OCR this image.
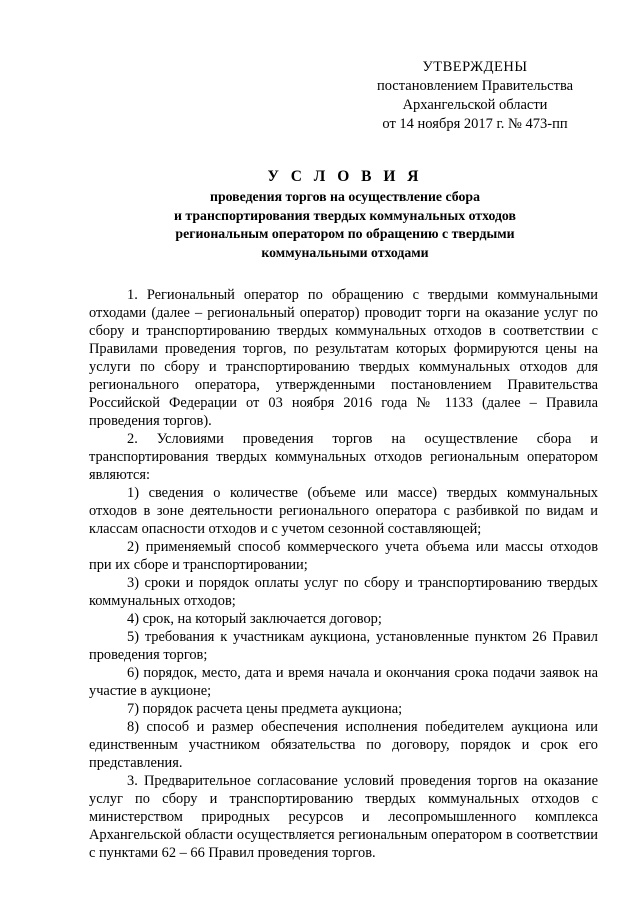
УТВЕРЖДЕНЫ
постановлением Правительства
Архангельской области
от 14 ноября 2017 г. № 473-пп
У С Л О В И Я
проведения торгов на осуществление сбора
и транспортирования твердых коммунальных отходов
региональным оператором по обращению с твердыми
коммунальными отходами

1. Региональный оператор по обращению с твердыми коммунальными отходами (далее – региональный оператор) проводит торги на оказание услуг по сбору и транспортированию твердых коммунальных отходов в соответствии с Правилами проведения торгов, по результатам которых формируются цены на услуги по сбору и транспортированию твердых коммунальных отходов для регионального оператора, утвержденными постановлением Правительства Российской Федерации от 03 ноября 2016 года № 1133 (далее – Правила проведения торгов).

2. Условиями проведения торгов на осуществление сбора и транспортирования твердых коммунальных отходов региональным оператором являются:

1) сведения о количестве (объеме или массе) твердых коммунальных отходов в зоне деятельности регионального оператора с разбивкой по видам и классам опасности отходов и с учетом сезонной составляющей;

2) применяемый способ коммерческого учета объема или массы отходов при их сборе и транспортировании;

3) сроки и порядок оплаты услуг по сбору и транспортированию твердых коммунальных отходов;

4) срок, на который заключается договор;

5) требования к участникам аукциона, установленные пунктом 26 Правил проведения торгов;

6) порядок, место, дата и время начала и окончания срока подачи заявок на участие в аукционе;

7) порядок расчета цены предмета аукциона;

8) способ и размер обеспечения исполнения победителем аукциона или единственным участником обязательства по договору, порядок и срок его представления.

3. Предварительное согласование условий проведения торгов на оказание услуг по сбору и транспортированию твердых коммунальных отходов с министерством природных ресурсов и лесопромышленного комплекса Архангельской области осуществляется региональным оператором в соответствии с пунктами 62 – 66 Правил проведения торгов.
